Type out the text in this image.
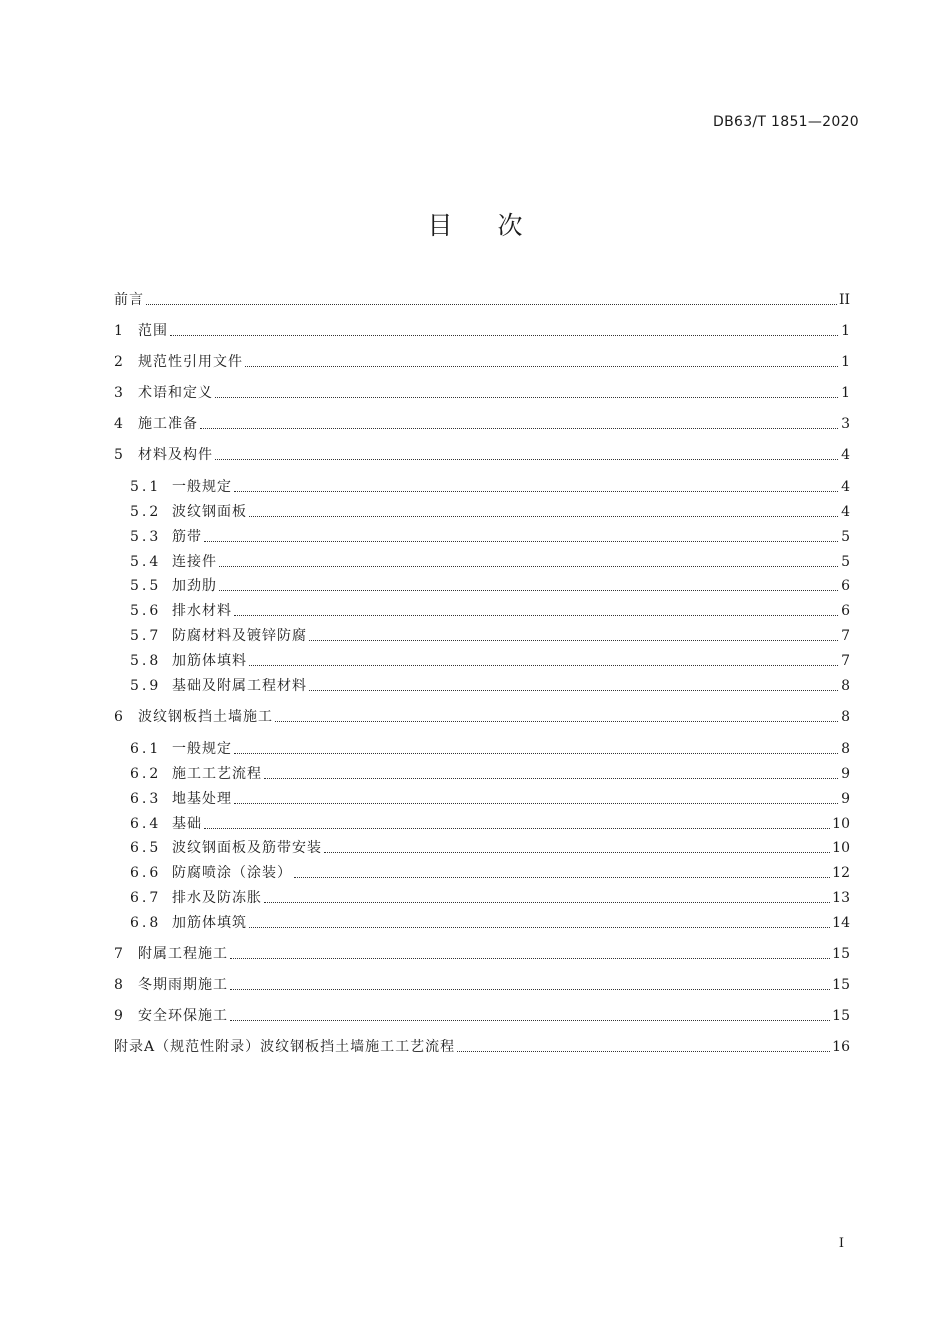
DB63/T 1851—2020
目次
前言	II
1 范围	1
2 规范性引用文件	1
3 术语和定义	1
4 施工准备	3
5 材料及构件	4
5.1 一般规定	4
5.2 波纹钢面板	4
5.3 筋带	5
5.4 连接件	5
5.5 加劲肋	6
5.6 排水材料	6
5.7 防腐材料及镀锌防腐	7
5.8 加筋体填料	7
5.9 基础及附属工程材料	8
6 波纹钢板挡土墙施工	8
6.1 一般规定	8
6.2 施工工艺流程	9
6.3 地基处理	9
6.4 基础	10
6.5 波纹钢面板及筋带安装	10
6.6 防腐喷涂（涂装）	12
6.7 排水及防冻胀	13
6.8 加筋体填筑	14
7 附属工程施工	15
8 冬期雨期施工	15
9 安全环保施工	15
附录A（规范性附录）波纹钢板挡土墙施工工艺流程	16
I
